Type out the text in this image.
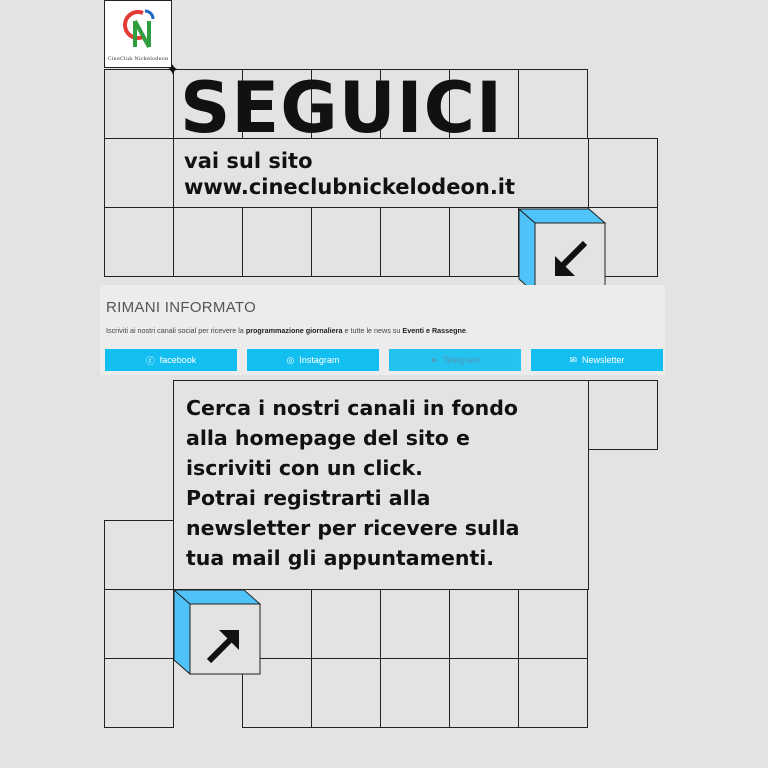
CineClub Nickelodeon
✦ SEGUICI
vai sul sito
www.cineclubnickelodeon.it
RIMANI INFORMATO
Iscriviti ai nostri canali social per ricevere la programmazione giornaliera e tutte le news su Eventi e Rassegne.
ⓕ facebook	◎ Instagram	➤ Telegram	✉ Newsletter
Cerca i nostri canali in fondo
alla homepage del sito e
iscriviti con un click.
Potrai registrarti alla
newsletter per ricevere sulla
tua mail gli appuntamenti.
